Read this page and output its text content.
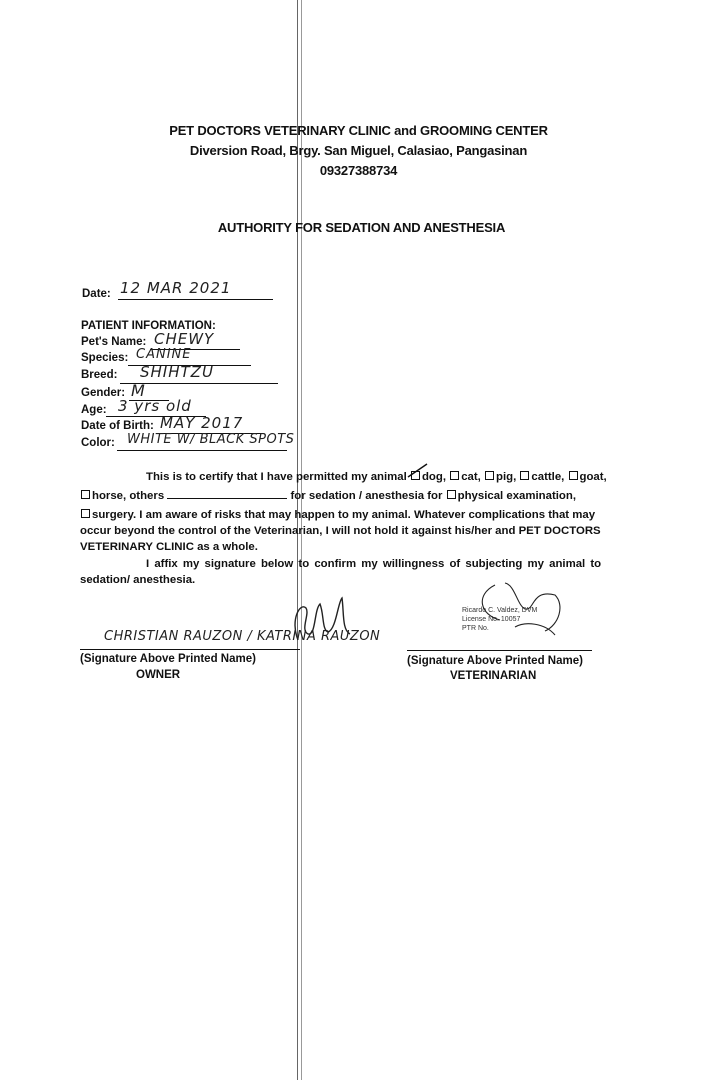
PET DOCTORS VETERINARY CLINIC and GROOMING CENTER
Diversion Road, Brgy. San Miguel, Calasiao, Pangasinan
09327388734
AUTHORITY FOR SEDATION AND ANESTHESIA
Date: 12 MAR 2021
PATIENT INFORMATION:
Pet's Name: CHEWY
Species: CANINE
Breed: SHIHTZU
Gender: M
Age: 3 yrs old
Date of Birth: MAY 2017
Color: WHITE W/ BLACK SPOTS
This is to certify that I have permitted my animal dog, cat, pig, cattle, goat,
horse, others	for sedation / anesthesia for physical examination,
surgery. I am aware of risks that may happen to my animal. Whatever complications that may
occur beyond the control of the Veterinarian, I will not hold it against his/her and PET DOCTORS
VETERINARY CLINIC as a whole.
I affix my signature below to confirm my willingness of subjecting my animal to
sedation/ anesthesia.
CHRISTIAN RAUZON / KATRINA RAUZON
(Signature Above Printed Name)
OWNER
Ricardo C. Valdez, DVM
License No. 10057
PTR No.
(Signature Above Printed Name)
VETERINARIAN
